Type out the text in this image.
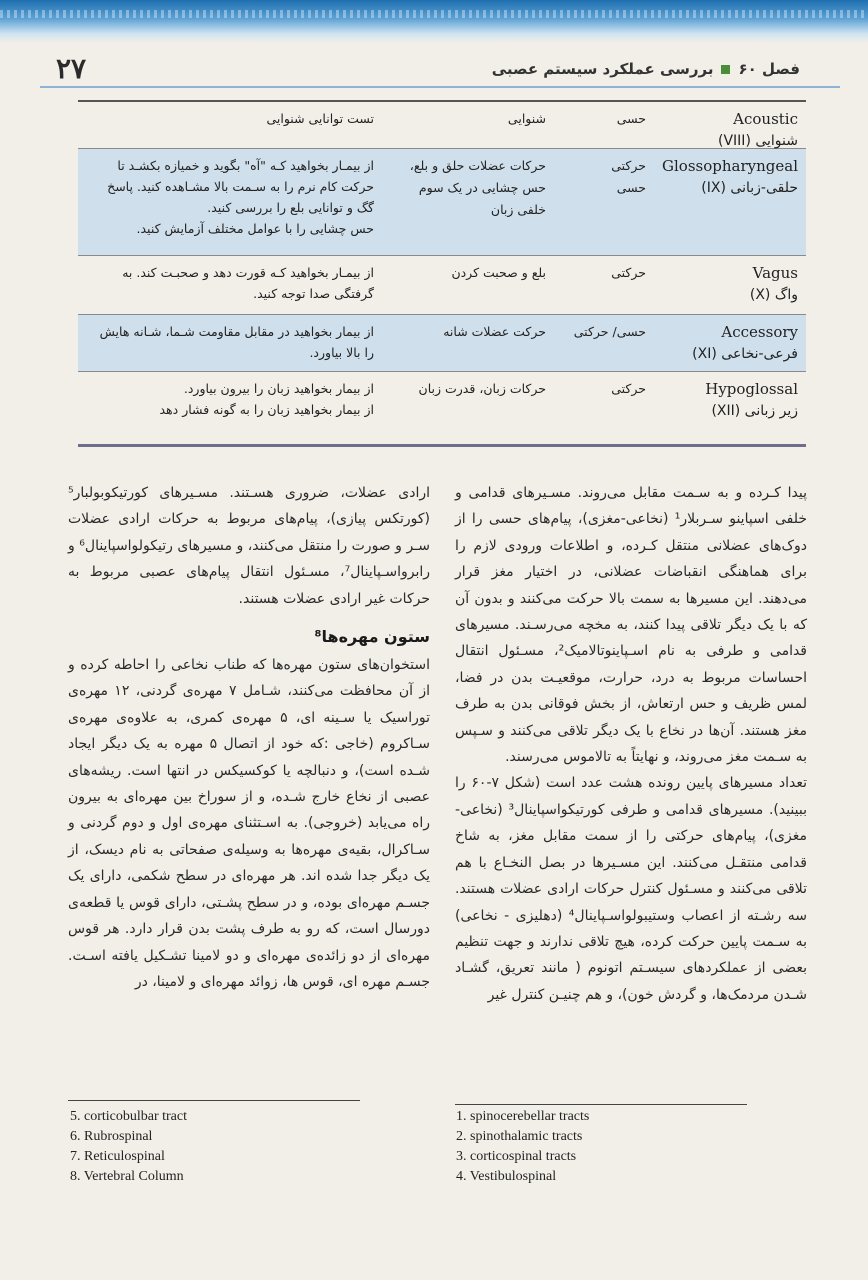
۲۷	فصل ۶۰بررسی عملکرد سیستم عصبی
Acoustic
شنوایی (VIII)
حسی
شنوایی
تست توانایی شنوایی
Glossopharyngeal
حلقی-زبانی (IX)
حرکتی
حسی
حرکات عضلات حلق و بلع،
حس چشایی در یک سوم
خلفی زبان
از بیمـار بخواهید کـه "آه" بگوید و خمیازه بکشـد تا
حرکت کام نرم را به سـمت بالا مشـاهده کنید. پاسخ
گگ و توانایی بلع را بررسی کنید.
حس چشایی را با عوامل مختلف آزمایش کنید.
Vagus
واگ (X)
حرکتی
بلع و صحبت کردن
از بیمـار بخواهید کـه قورت دهد و صحبـت کند. به
گرفتگی صدا توجه کنید.
Accessory
فرعی-نخاعی (XI)
حسی/ حرکتی
حرکت عضلات شانه
از بیمار بخواهید در مقابل مقاومت شـما، شـانه هایش
را بالا بیاورد.
Hypoglossal
زیر زبانی (XII)
حرکتی
حرکات زبان، قدرت زبان
از بیمار بخواهید زبان را بیرون بیاورد.
از بیمار بخواهید زبان را به گونه فشار دهد
پیدا کـرده و به سـمت مقابل می‌روند. مسـیرهای قدامی و خلفی اسپاینو سـربلار¹ (نخاعی-مغزی)، پیام‌های حسی را از دوک‌های عضلانی منتقل کـرده، و اطلاعات ورودی لازم را برای هماهنگی انقباضات عضلانی، در اختیار مغز قرار می‌دهند. این مسیرها به سمت بالا حرکت می‌کنند و بدون آن که با یک دیگر تلاقی پیدا کنند، به مخچه می‌رسـند. مسیرهای قدامی و طرفی به نام اسـپاینوتالامیک²، مسـئول انتقال احساسات مربوط به درد، حرارت، موقعیـت بدن در فضا، لمس ظریف و حس ارتعاش، از بخش فوقانی بدن به طرف مغز هستند. آن‌ها در نخاع با یک دیگر تلاقی می‌کنند و سـپس به سـمت مغز می‌روند، و نهایتاً به تالاموس می‌رسند.
تعداد مسیرهای پایین رونده هشت عدد است (شکل ۷-۶۰ را ببینید). مسیرهای قدامی و طرفی کورتیکواسپاینال³ (نخاعی-مغزی)، پیام‌های حرکتی را از سمت مقابل مغز، به شاخ قدامی منتقـل می‌کنند. این مسـیرها در بصل النخـاع با هم تلاقی می‌کنند و مسـئول کنترل حرکات ارادی عضلات هستند. سه رشـته از اعصاب وستیبولواسـپاینال⁴ (دهلیزی - نخاعی) به سـمت پایین حرکت کرده، هیچ تلاقی ندارند و جهت تنظیم بعضی از عملکردهای سیسـتم اتونوم ( مانند تعریق، گشـاد شـدن مردمک‌ها، و گردش خون)، و هم چنیـن کنترل غیر
ارادی عضلات، ضروری هسـتند. مسـیرهای کورتیکوبولبار⁵ (کورتکس پیازی)، پیام‌های مربوط به حرکات ارادی عضلات سـر و صورت را منتقل می‌کنند، و مسیرهای رتیکولواسپاینال⁶ و رابرواسـپاینال⁷، مسـئول انتقال پیام‌های عصبی مربوط به حرکات غیر ارادی عضلات هستند.
ستون مهره‌ها⁸
استخوان‌های ستون مهره‌ها که طناب نخاعی را احاطه کرده و از آن محافظت می‌کنند، شـامل ۷ مهره‌ی گردنی، ۱۲ مهره‌ی توراسیک یا سـینه ای، ۵ مهره‌ی کمری، به علاوه‌ی مهره‌ی سـاکروم (خاجی :که خود از اتصال ۵ مهره به یک دیگر ایجاد شـده است)، و دنبالچه یا کوکسیکس در انتها است. ریشه‌های عصبی از نخاع خارج شـده، و از سوراخ بین مهره‌ای به بیرون راه می‌یابد (خروجی). به اسـتثنای مهره‌ی اول و دوم گردنی و سـاکرال، بقیه‌ی مهره‌ها به وسیله‌ی صفحاتی به نام دیسک، از یک دیگر جدا شده اند. هر مهره‌ای در سطح شکمی، دارای یک جسـم مهره‌ای بوده، و در سطح پشـتی، دارای قوس یا قطعه‌ی دورسال است، که رو به طرف پشت بدن قرار دارد. هر قوس مهره‌ای از دو زائده‌ی مهره‌ای و دو لامینا تشـکیل یافته اسـت. جسـم مهره ای، قوس ها، زوائد مهره‌ای و لامینا، در
5. corticobulbar tract
6. Rubrospinal
7. Reticulospinal
8. Vertebral Column
1. spinocerebellar tracts
2. spinothalamic tracts
3. corticospinal tracts
4. Vestibulospinal
